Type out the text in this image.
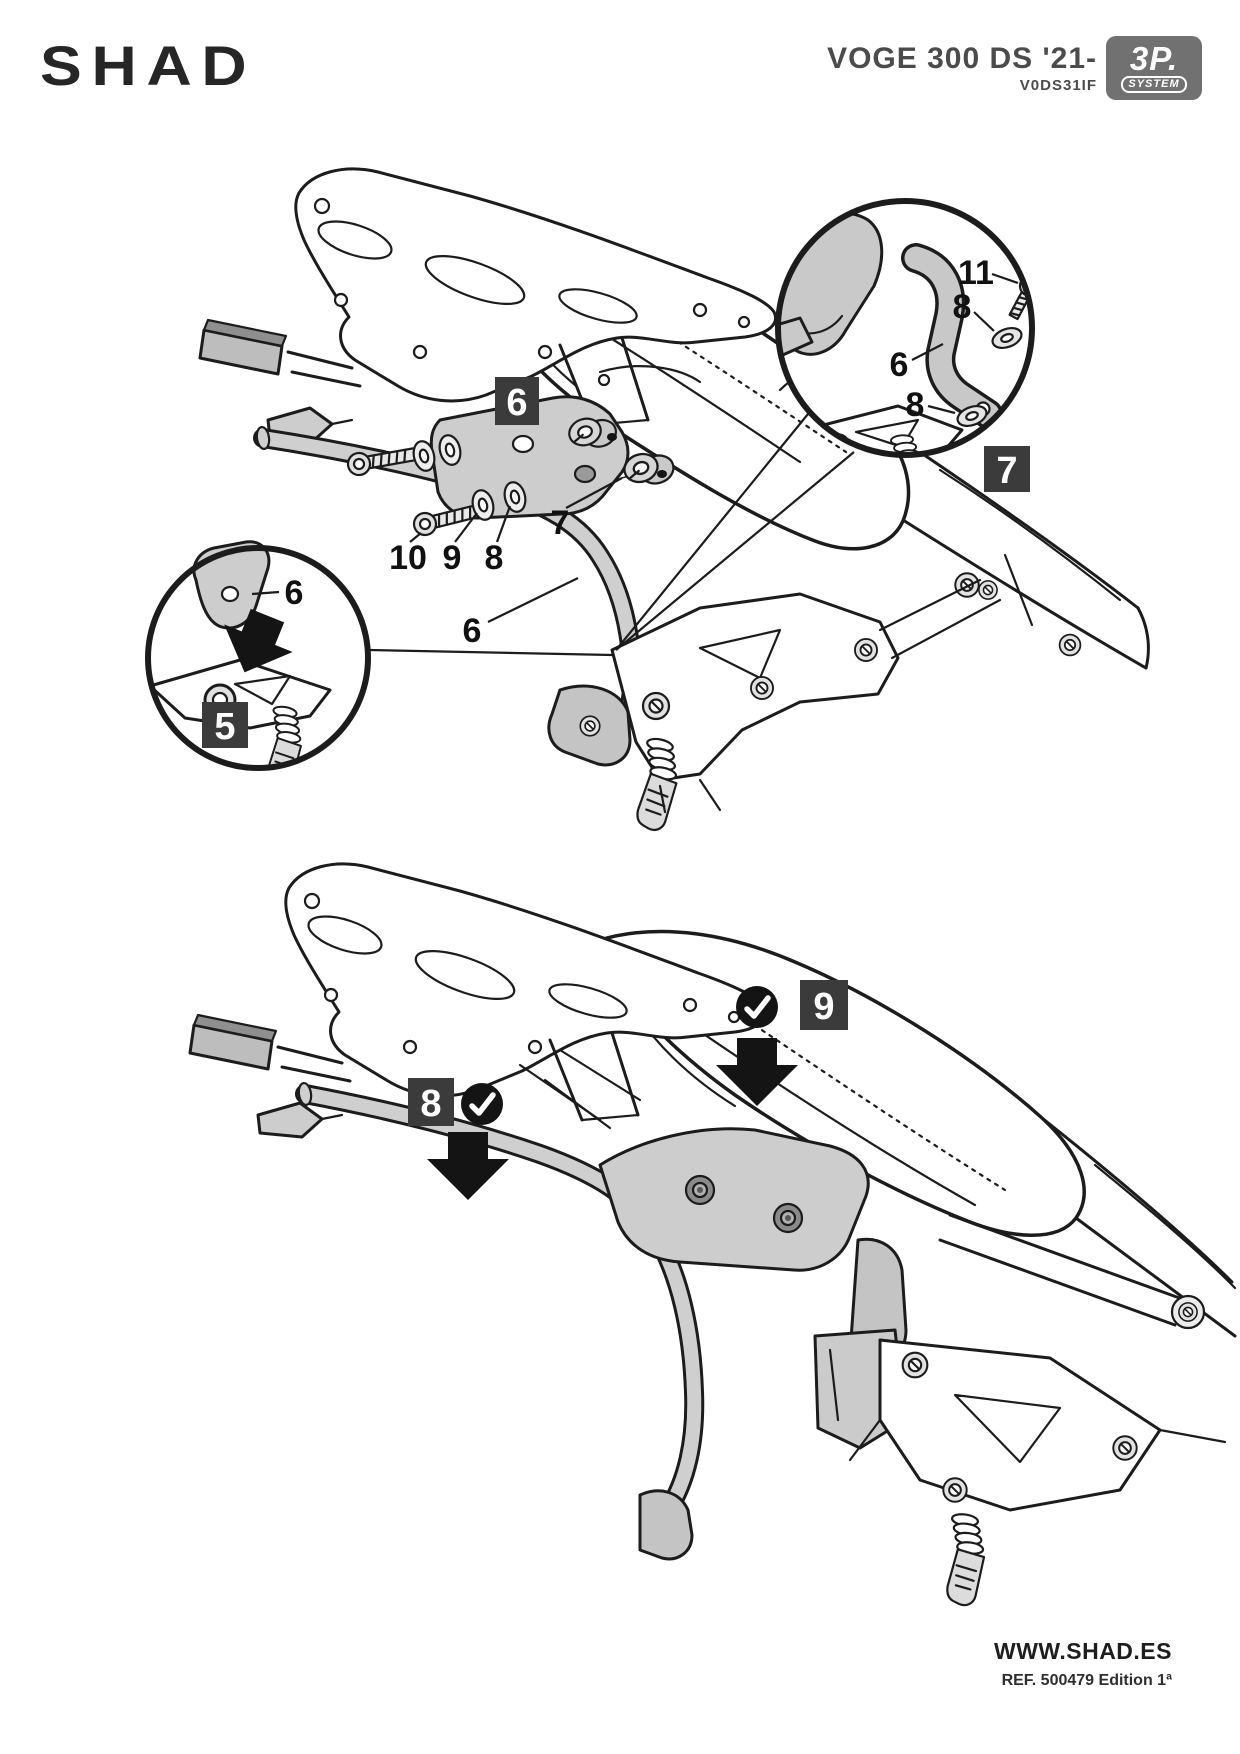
SHAD	VOGE 300 DS '21-
V0DS31IF
3P.
SYSTEM
11
8
6
8
7
6
5
6
10 9 8
7
6
9
8
WWW.SHAD.ES
REF. 500479 Edition 1ª
